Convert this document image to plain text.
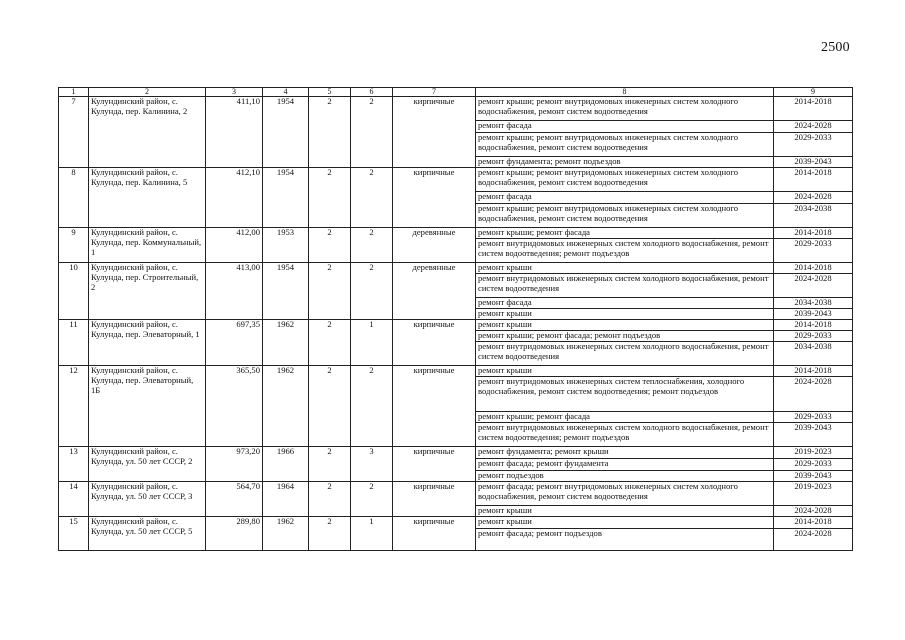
2500
1	2	3	4	5	6	7	8	9
7	Кулундинский район, с. Кулунда, пер. Калинина, 2	411,10	1954	2	2	кирпичные	ремонт крыши; ремонт внутридомовых инженерных систем холодного водоснабжения, ремонт систем водоотведения	2014-2018
							ремонт фасада	2024-2028
							ремонт крыши; ремонт внутридомовых инженерных систем холодного водоснабжения, ремонт систем водоотведения	2029-2033
							ремонт фундамента; ремонт подъездов	2039-2043
8	Кулундинский район, с. Кулунда, пер. Калинина, 5	412,10	1954	2	2	кирпичные	ремонт крыши; ремонт внутридомовых инженерных систем холодного водоснабжения, ремонт систем водоотведения	2014-2018
							ремонт фасада	2024-2028
							ремонт крыши; ремонт внутридомовых инженерных систем холодного водоснабжения, ремонт систем водоотведения	2034-2038
9	Кулундинский район, с. Кулунда, пер. Коммунальный, 1	412,00	1953	2	2	деревянные	ремонт крыши; ремонт фасада	2014-2018
							ремонт внутридомовых инженерных систем холодного водоснабжения, ремонт систем водоотведения; ремонт подъездов	2029-2033
10	Кулундинский район, с. Кулунда, пер. Строительный, 2	413,00	1954	2	2	деревянные	ремонт крыши	2014-2018
							ремонт внутридомовых инженерных систем холодного водоснабжения, ремонт систем водоотведения	2024-2028
							ремонт фасада	2034-2038
							ремонт крыши	2039-2043
11	Кулундинский район, с. Кулунда, пер. Элеваторный, 1	697,35	1962	2	1	кирпичные	ремонт крыши	2014-2018
							ремонт крыши; ремонт фасада; ремонт подъездов	2029-2033
							ремонт внутридомовых инженерных систем холодного водоснабжения, ремонт систем водоотведения	2034-2038
12	Кулундинский район, с. Кулунда, пер. Элеваторный, 1Б	365,50	1962	2	2	кирпичные	ремонт крыши	2014-2018
							ремонт внутридомовых инженерных систем теплоснабжения, холодного водоснабжения, ремонт систем водоотведения; ремонт подъездов	2024-2028
							ремонт крыши; ремонт фасада	2029-2033
							ремонт внутридомовых инженерных систем холодного водоснабжения, ремонт систем водоотведения; ремонт подъездов	2039-2043
13	Кулундинский район, с. Кулунда, ул. 50 лет СССР, 2	973,20	1966	2	3	кирпичные	ремонт фундамента; ремонт крыши	2019-2023
							ремонт фасада; ремонт фундамента	2029-2033
							ремонт подъездов	2039-2043
14	Кулундинский район, с. Кулунда, ул. 50 лет СССР, 3	564,70	1964	2	2	кирпичные	ремонт фасада; ремонт внутридомовых инженерных систем холодного водоснабжения, ремонт систем водоотведения	2019-2023
							ремонт крыши	2024-2028
15	Кулундинский район, с. Кулунда, ул. 50 лет СССР, 5	289,80	1962	2	1	кирпичные	ремонт крыши	2014-2018
							ремонт фасада; ремонт подъездов	2024-2028
